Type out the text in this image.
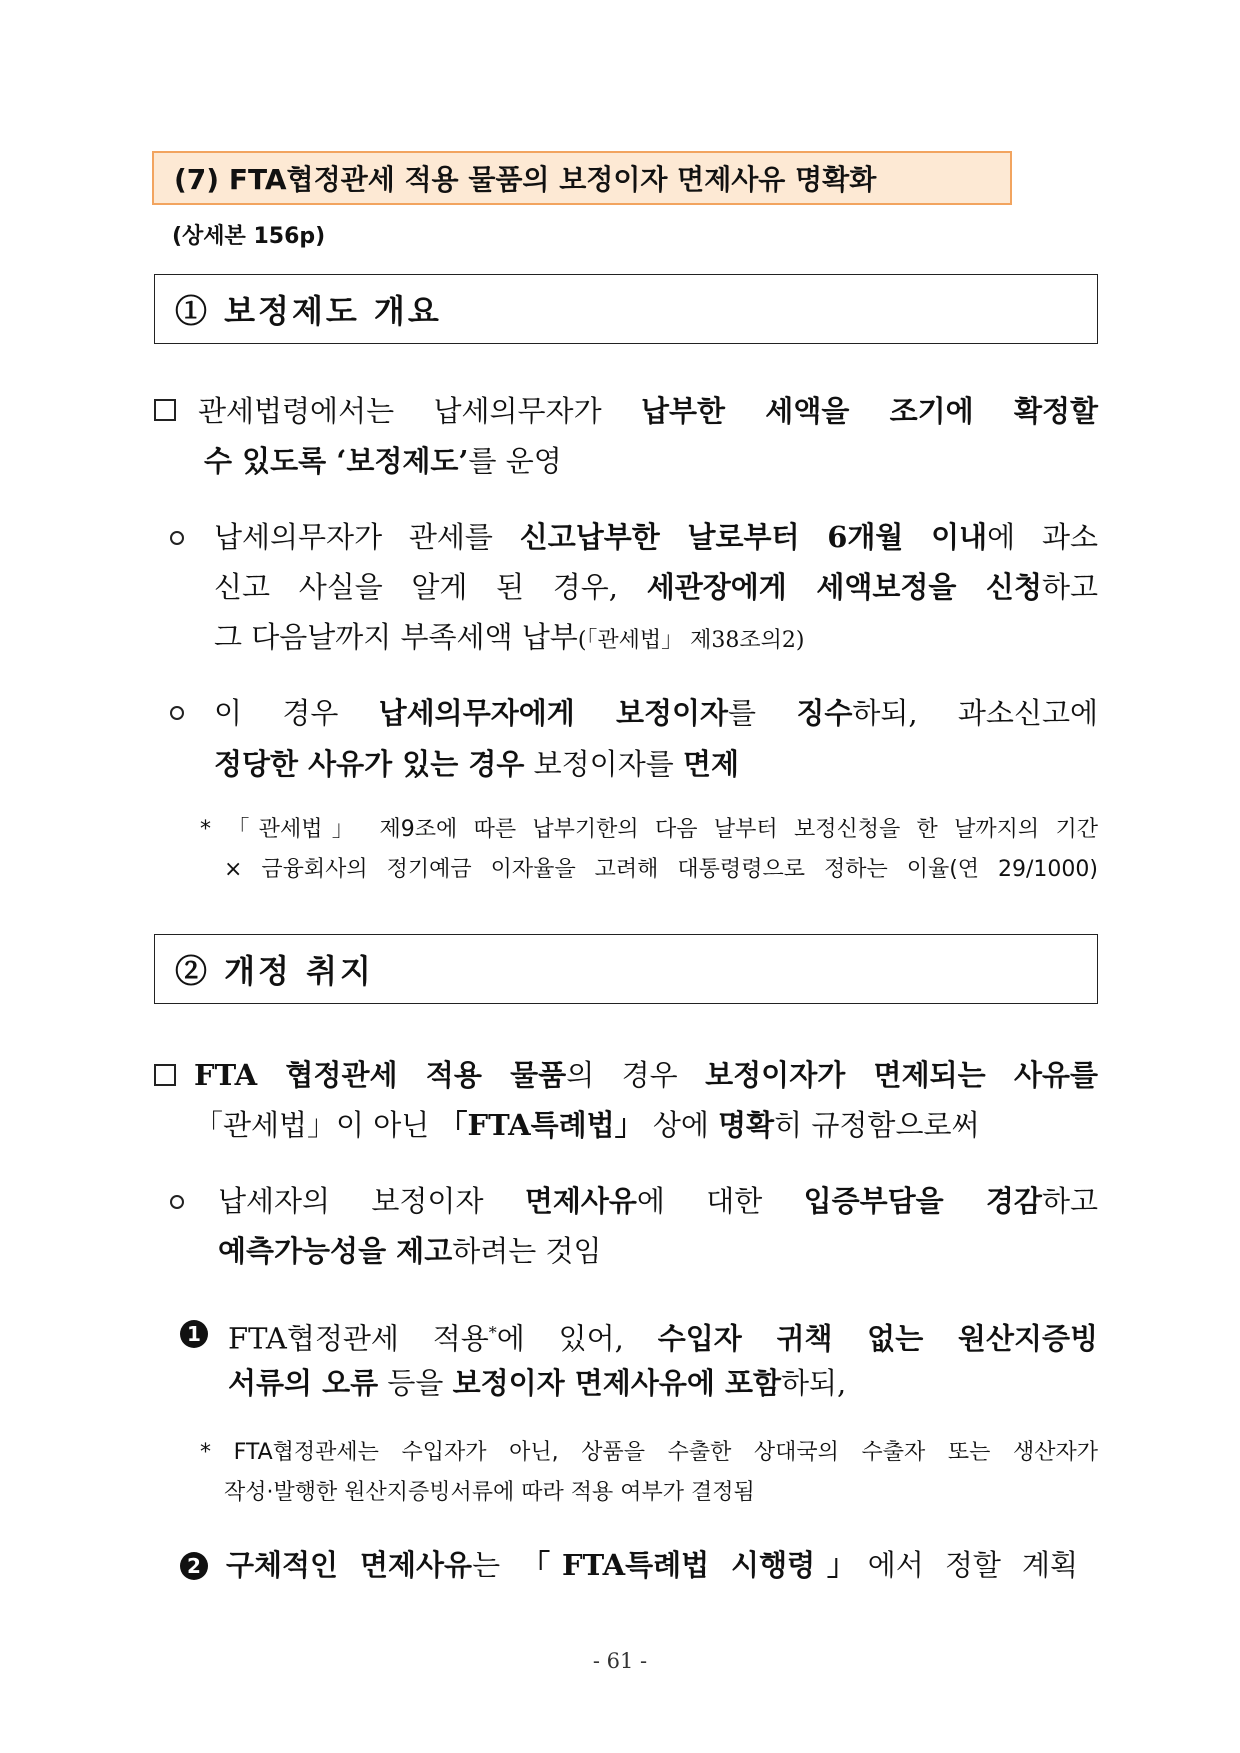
(7) FTA협정관세 적용 물품의 보정이자 면제사유 명확화
(상세본 156p)
① 보정제도 개요
관세법령에서는 납세의무자가 납부한 세액을 조기에 확정할
수 있도록 ‘보정제도’를 운영
납세의무자가 관세를 신고납부한 날로부터 6개월 이내에 과소
신고 사실을 알게 된 경우, 세관장에게 세액보정을 신청하고
그 다음날까지 부족세액 납부(「관세법」 제38조의2)
이 경우 납세의무자에게 보정이자를 징수하되, 과소신고에
정당한 사유가 있는 경우 보정이자를 면제
* 「관세법」 제9조에 따른 납부기한의 다음 날부터 보정신청을 한 날까지의 기간
× 금융회사의 정기예금 이자율을 고려해 대통령령으로 정하는 이율(연 29/1000)
② 개정 취지
FTA 협정관세 적용 물품의 경우 보정이자가 면제되는 사유를
「관세법」이 아닌 「FTA특례법」 상에 명확히 규정함으로써
납세자의 보정이자 면제사유에 대한 입증부담을 경감하고
예측가능성을 제고하려는 것임
1 FTA협정관세 적용*에 있어, 수입자 귀책 없는 원산지증빙
서류의 오류 등을 보정이자 면제사유에 포함하되,
* FTA협정관세는 수입자가 아닌, 상품을 수출한 상대국의 수출자 또는 생산자가
작성·발행한 원산지증빙서류에 따라 적용 여부가 결정됨
2 구체적인 면제사유는 「FTA특례법 시행령」에서 정할 계획
- 61 -
